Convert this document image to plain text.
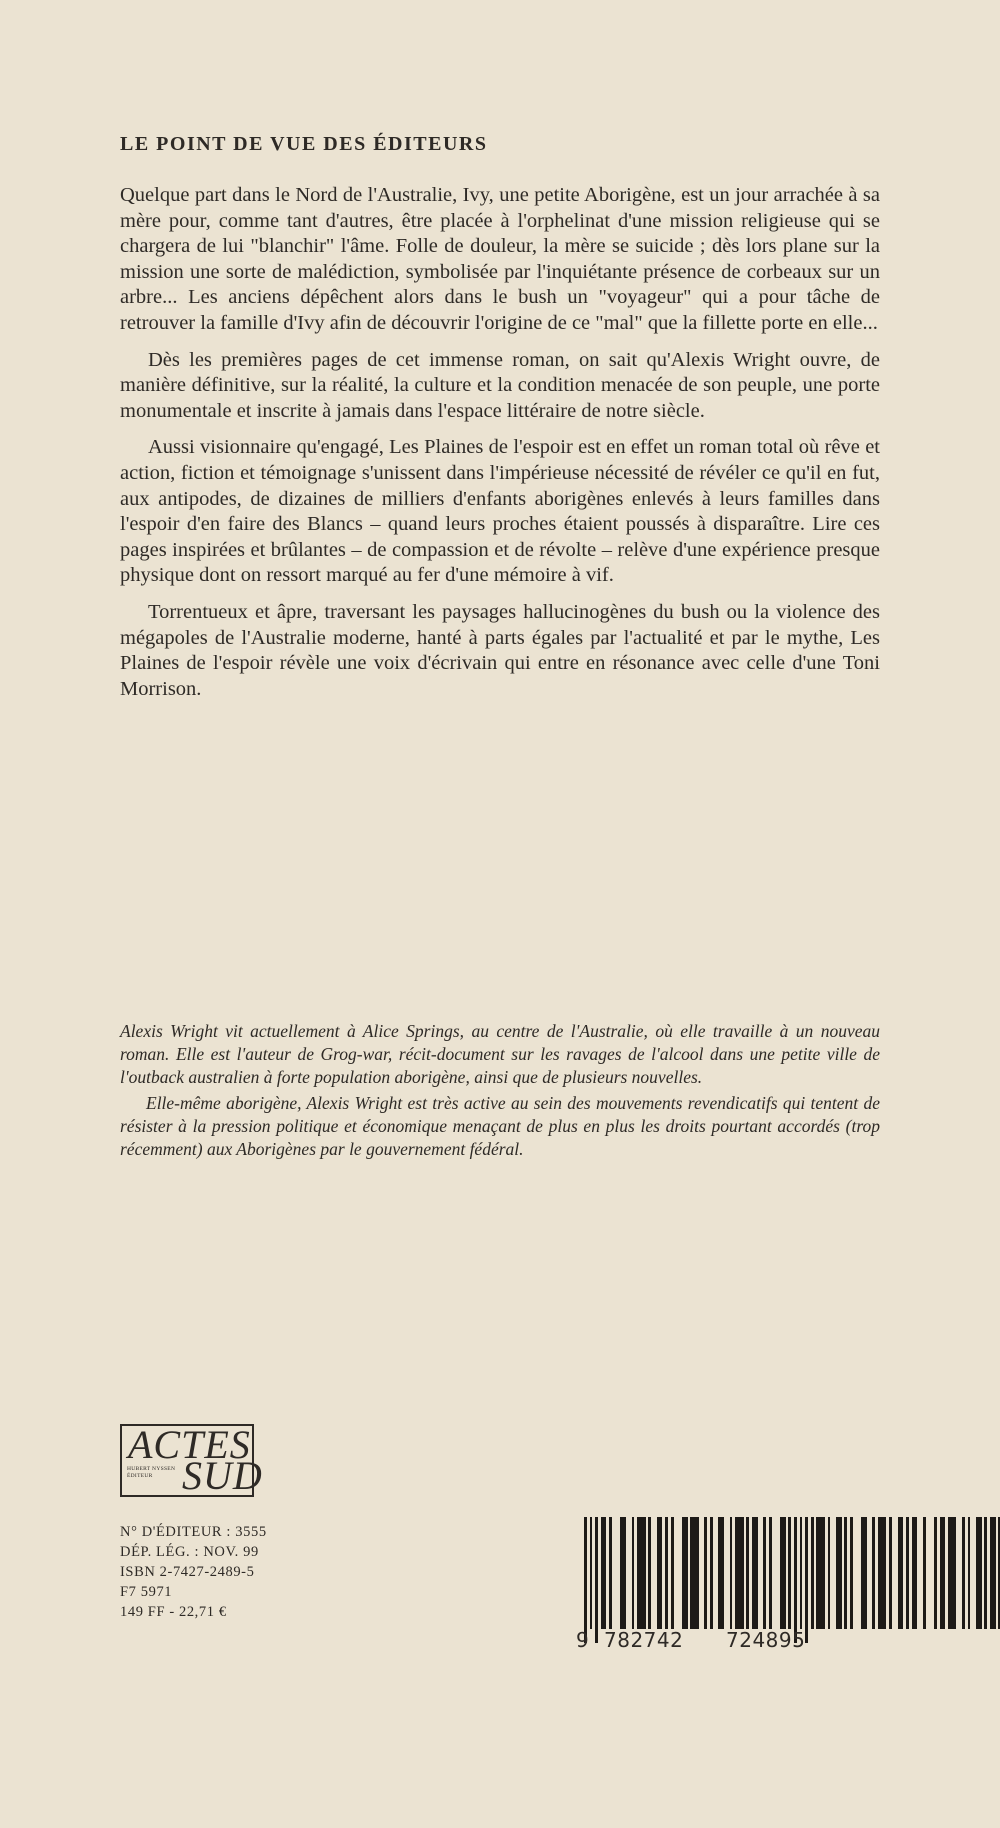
LE POINT DE VUE DES ÉDITEURS

Quelque part dans le Nord de l'Australie, Ivy, une petite Aborigène, est un jour arrachée à sa mère pour, comme tant d'autres, être placée à l'orphelinat d'une mission religieuse qui se chargera de lui "blanchir" l'âme. Folle de douleur, la mère se suicide ; dès lors plane sur la mission une sorte de malédiction, symbolisée par l'inquiétante présence de corbeaux sur un arbre... Les anciens dépêchent alors dans le bush un "voyageur" qui a pour tâche de retrouver la famille d'Ivy afin de découvrir l'origine de ce "mal" que la fillette porte en elle...

Dès les premières pages de cet immense roman, on sait qu'Alexis Wright ouvre, de manière définitive, sur la réalité, la culture et la condition menacée de son peuple, une porte monumentale et inscrite à jamais dans l'espace littéraire de notre siècle.

Aussi visionnaire qu'engagé, Les Plaines de l'espoir est en effet un roman total où rêve et action, fiction et témoignage s'unissent dans l'impérieuse nécessité de révéler ce qu'il en fut, aux antipodes, de dizaines de milliers d'enfants aborigènes enlevés à leurs familles dans l'espoir d'en faire des Blancs – quand leurs proches étaient poussés à disparaître. Lire ces pages inspirées et brûlantes – de compassion et de révolte – relève d'une expérience presque physique dont on ressort marqué au fer d'une mémoire à vif.

Torrentueux et âpre, traversant les paysages hallucinogènes du bush ou la violence des mégapoles de l'Australie moderne, hanté à parts égales par l'actualité et par le mythe, Les Plaines de l'espoir révèle une voix d'écrivain qui entre en résonance avec celle d'une Toni Morrison.

Alexis Wright vit actuellement à Alice Springs, au centre de l'Australie, où elle travaille à un nouveau roman. Elle est l'auteur de Grog-war, récit-document sur les ravages de l'alcool dans une petite ville de l'outback australien à forte population aborigène, ainsi que de plusieurs nouvelles.

Elle-même aborigène, Alexis Wright est très active au sein des mouvements revendicatifs qui tentent de résister à la pression politique et économique menaçant de plus en plus les droits pourtant accordés (trop récemment) aux Aborigènes par le gouvernement fédéral.

ACTES
HUBERT NYSSEN ÉDITEUR SUD
N° D'ÉDITEUR : 3555
DÉP. LÉG. : NOV. 99
ISBN 2-7427-2489-5
F7 5971
149 FF - 22,71 €
9 782742 724895
